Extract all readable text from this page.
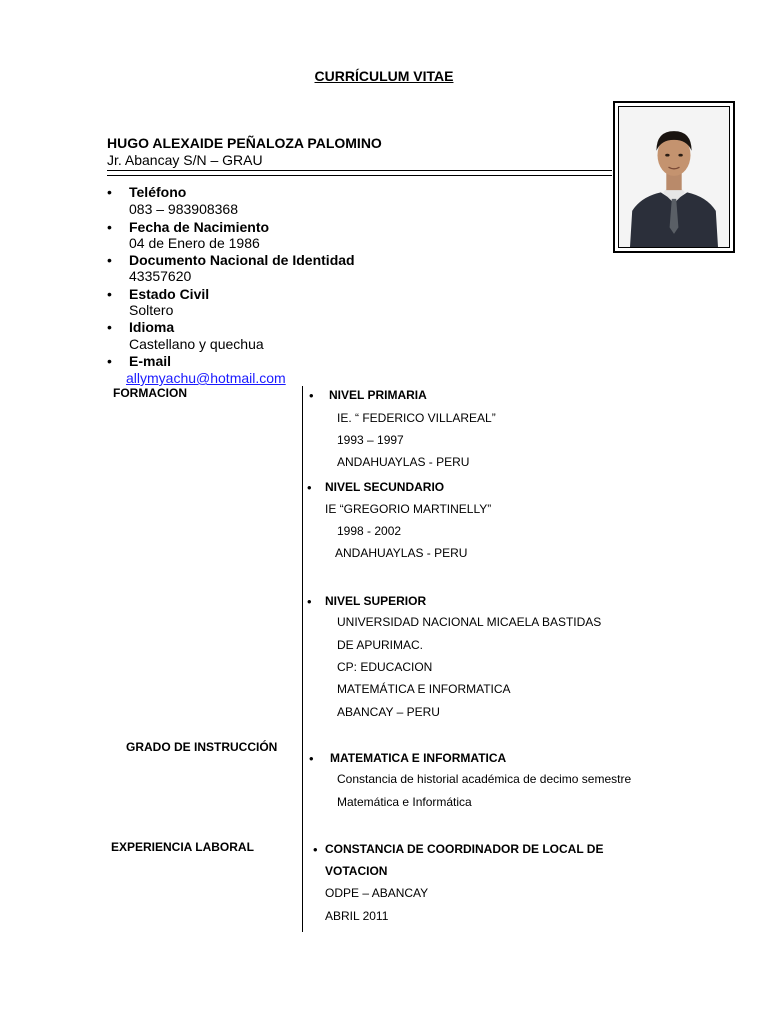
CURRÍCULUM VITAE
HUGO ALEXAIDE PEÑALOZA PALOMINO
Jr. Abancay S/N – GRAU
• Teléfono
083 – 983908368
• Fecha de Nacimiento
04 de Enero de 1986
• Documento Nacional de Identidad
43357620
• Estado Civil
Soltero
• Idioma
Castellano y quechua
• E-mail
allymyachu@hotmail.com
FORMACION	• NIVEL PRIMARIA
IE. “ FEDERICO VILLAREAL”
1993 – 1997
ANDAHUAYLAS - PERU
• NIVEL SECUNDARIO
IE “GREGORIO MARTINELLY”
1998 - 2002
ANDAHUAYLAS - PERU
• NIVEL SUPERIOR
UNIVERSIDAD NACIONAL MICAELA BASTIDAS
DE APURIMAC.
CP: EDUCACION
MATEMÁTICA E INFORMATICA
ABANCAY – PERU
GRADO DE INSTRUCCIÓN
• MATEMATICA E INFORMATICA
Constancia de historial académica de decimo semestre
Matemática e Informática
EXPERIENCIA LABORAL	• CONSTANCIA DE COORDINADOR DE LOCAL DE
VOTACION
ODPE – ABANCAY
ABRIL 2011
